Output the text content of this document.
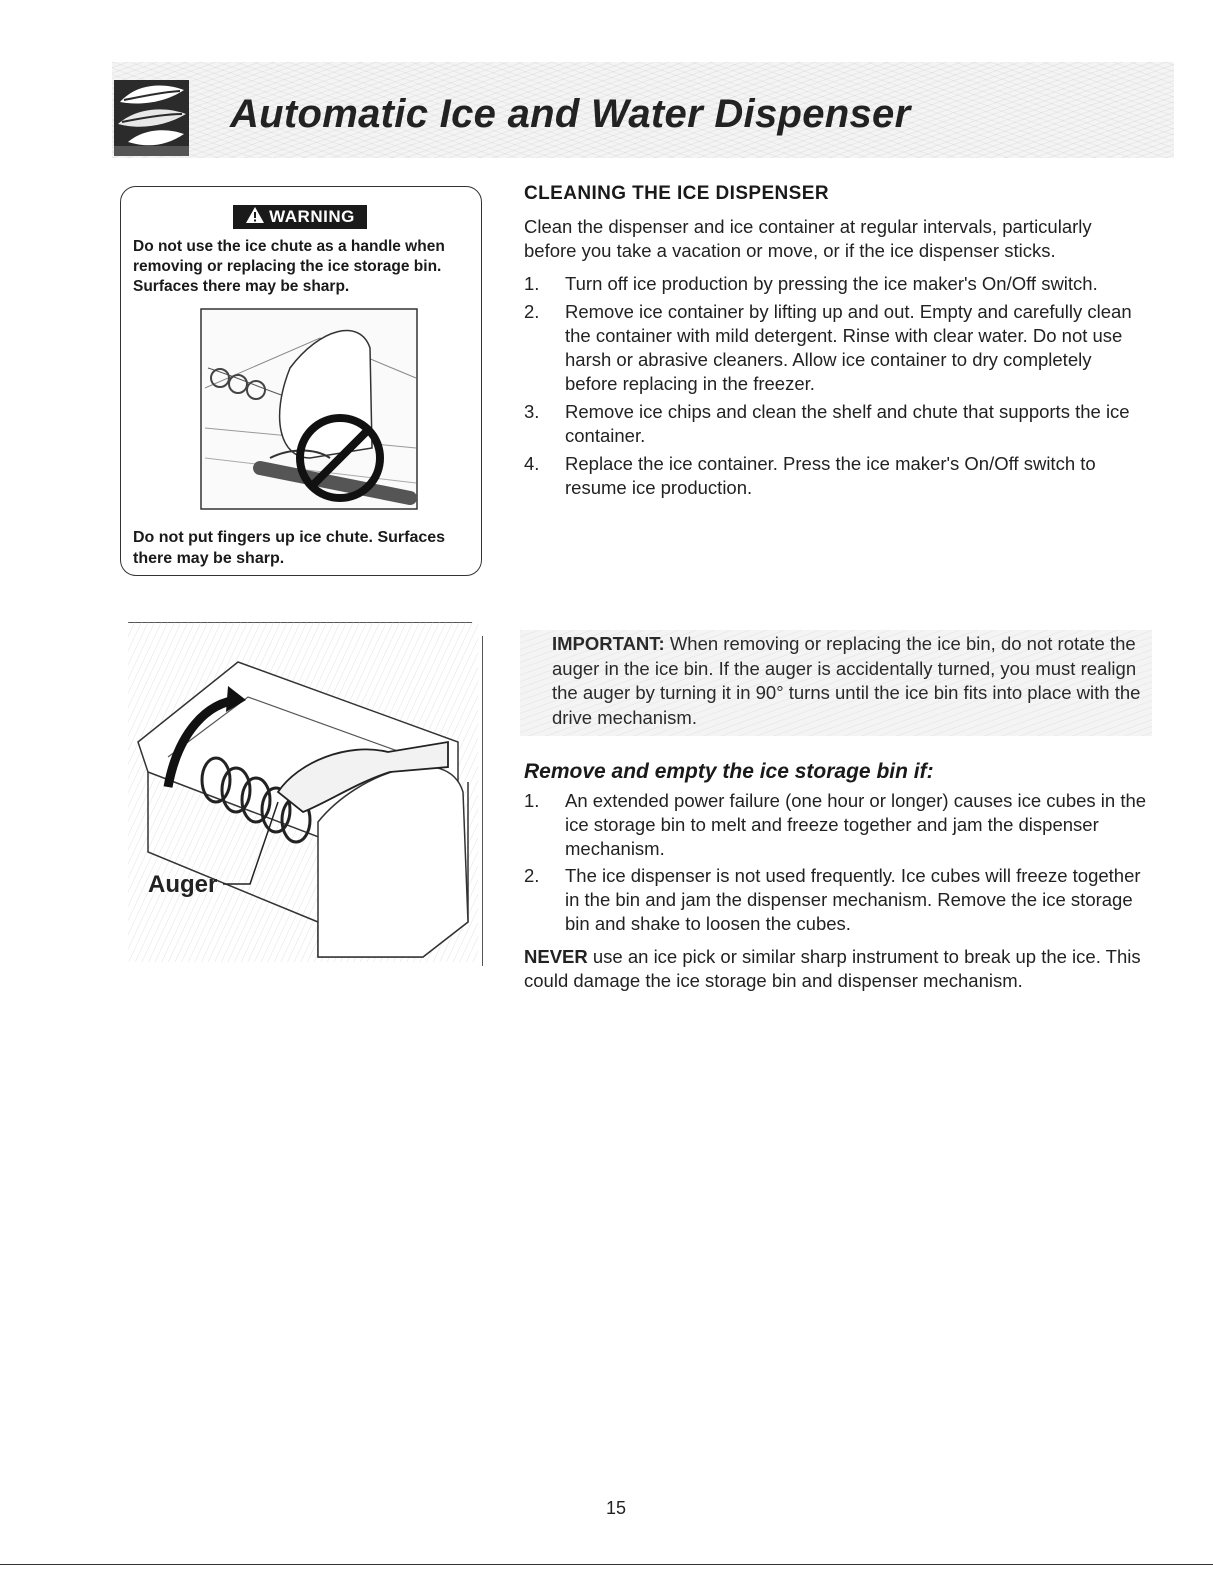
Automatic Ice and Water Dispenser
WARNING

Do not use the ice chute as a handle when removing or replacing the ice storage bin. Surfaces there may be sharp.

Do not put fingers up ice chute. Surfaces there may be sharp.

CLEANING THE ICE DISPENSER

Clean the dispenser and ice container at regular intervals, particularly before you take a vacation or move, or if the ice dispenser sticks.

1. Turn off ice production by pressing the ice maker's On/Off switch.
2. Remove ice container by lifting up and out. Empty and carefully clean the container with mild detergent. Rinse with clear water. Do not use harsh or abrasive cleaners. Allow ice container to dry completely before replacing in the freezer.
3. Remove ice chips and clean the shelf and chute that supports the ice container.
4. Replace the ice container. Press the ice maker's On/Off switch to resume ice production.
Auger

IMPORTANT: When removing or replacing the ice bin, do not rotate the auger in the ice bin. If the auger is accidentally turned, you must realign the auger by turning it in 90° turns until the ice bin fits into place with the drive mechanism.

Remove and empty the ice storage bin if:
1. An extended power failure (one hour or longer) causes ice cubes in the ice storage bin to melt and freeze together and jam the dispenser mechanism.
2. The ice dispenser is not used frequently. Ice cubes will freeze together in the bin and jam the dispenser mechanism. Remove the ice storage bin and shake to loosen the cubes.

NEVER use an ice pick or similar sharp instrument to break up the ice. This could damage the ice storage bin and dispenser mechanism.

15
